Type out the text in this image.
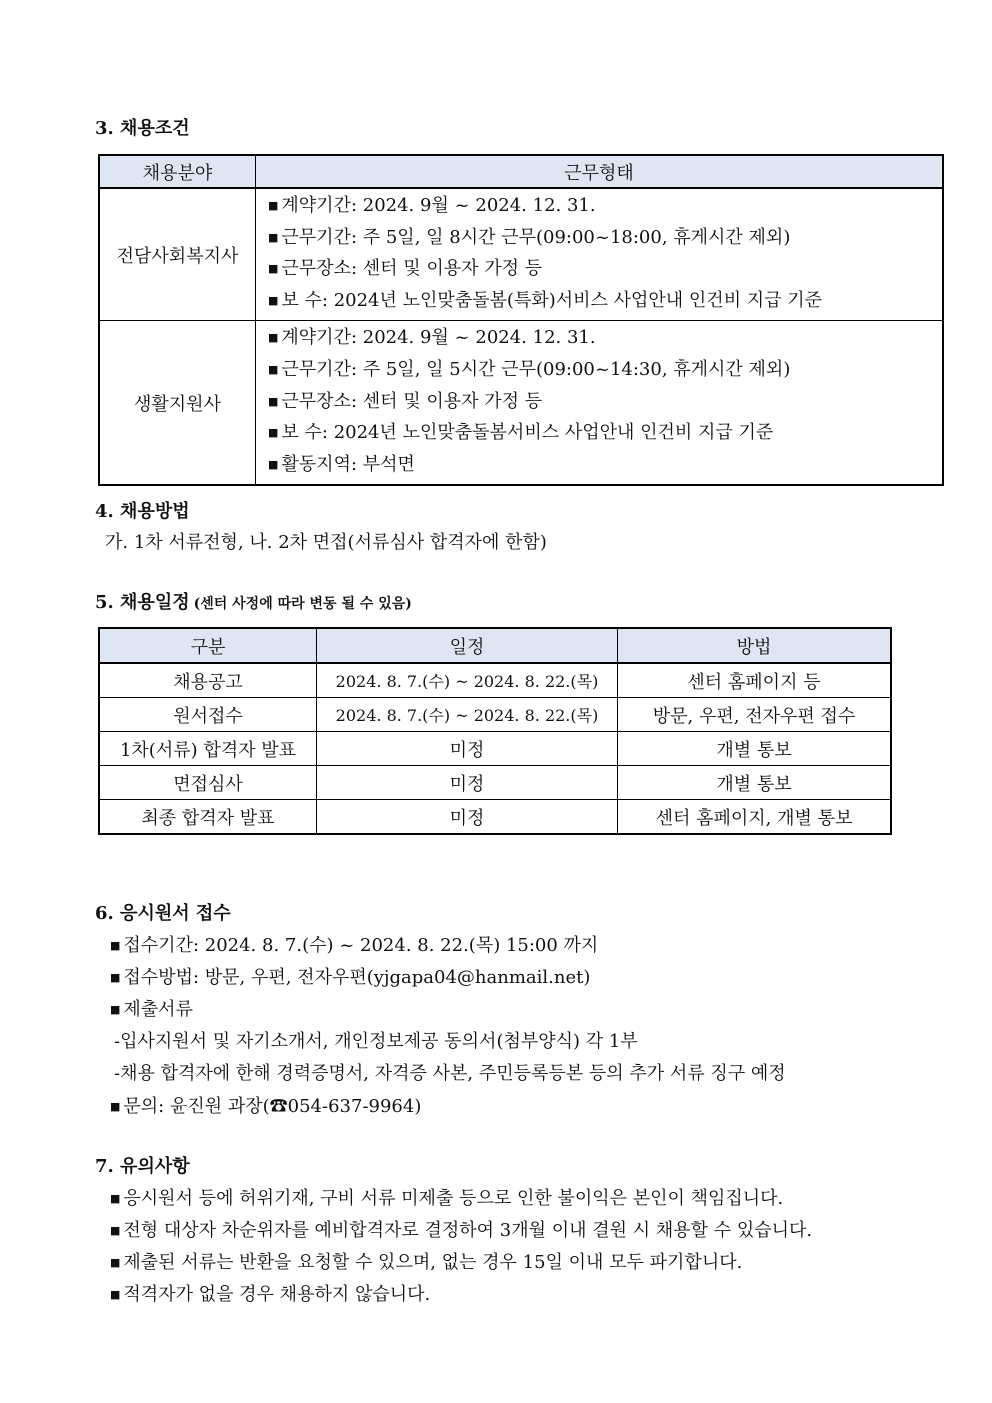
3. 채용조건
채용분야	근무형태
전담사회복지사	■ 계약기간: 2024. 9월 ~ 2024. 12. 31.
■ 근무기간: 주 5일, 일 8시간 근무(09:00~18:00, 휴게시간 제외)
■ 근무장소: 센터 및 이용자 가정 등
■ 보 수: 2024년 노인맞춤돌봄(특화)서비스 사업안내 인건비 지급 기준

생활지원사	■ 계약기간: 2024. 9월 ~ 2024. 12. 31.
■ 근무기간: 주 5일, 일 5시간 근무(09:00~14:30, 휴게시간 제외)
■ 근무장소: 센터 및 이용자 가정 등
■ 보 수: 2024년 노인맞춤돌봄서비스 사업안내 인건비 지급 기준
■ 활동지역: 부석면
4. 채용방법
가. 1차 서류전형, 나. 2차 면접(서류심사 합격자에 한함)
5. 채용일정 (센터 사정에 따라 변동 될 수 있음)
구분	일정	방법
채용공고	2024. 8. 7.(수) ~ 2024. 8. 22.(목)	센터 홈페이지 등
원서접수	2024. 8. 7.(수) ~ 2024. 8. 22.(목)	방문, 우편, 전자우편 접수
1차(서류) 합격자 발표	미정	개별 통보
면접심사	미정	개별 통보
최종 합격자 발표	미정	센터 홈페이지, 개별 통보
6. 응시원서 접수
■ 접수기간: 2024. 8. 7.(수) ~ 2024. 8. 22.(목) 15:00 까지
■ 접수방법: 방문, 우편, 전자우편(yjgapa04@hanmail.net)
■ 제출서류
-입사지원서 및 자기소개서, 개인정보제공 동의서(첨부양식) 각 1부
-채용 합격자에 한해 경력증명서, 자격증 사본, 주민등록등본 등의 추가 서류 징구 예정
■ 문의: 윤진원 과장(☎054-637-9964)
7. 유의사항
■ 응시원서 등에 허위기재, 구비 서류 미제출 등으로 인한 불이익은 본인이 책임집니다.
■ 전형 대상자 차순위자를 예비합격자로 결정하여 3개월 이내 결원 시 채용할 수 있습니다.
■ 제출된 서류는 반환을 요청할 수 있으며, 없는 경우 15일 이내 모두 파기합니다.
■ 적격자가 없을 경우 채용하지 않습니다.
